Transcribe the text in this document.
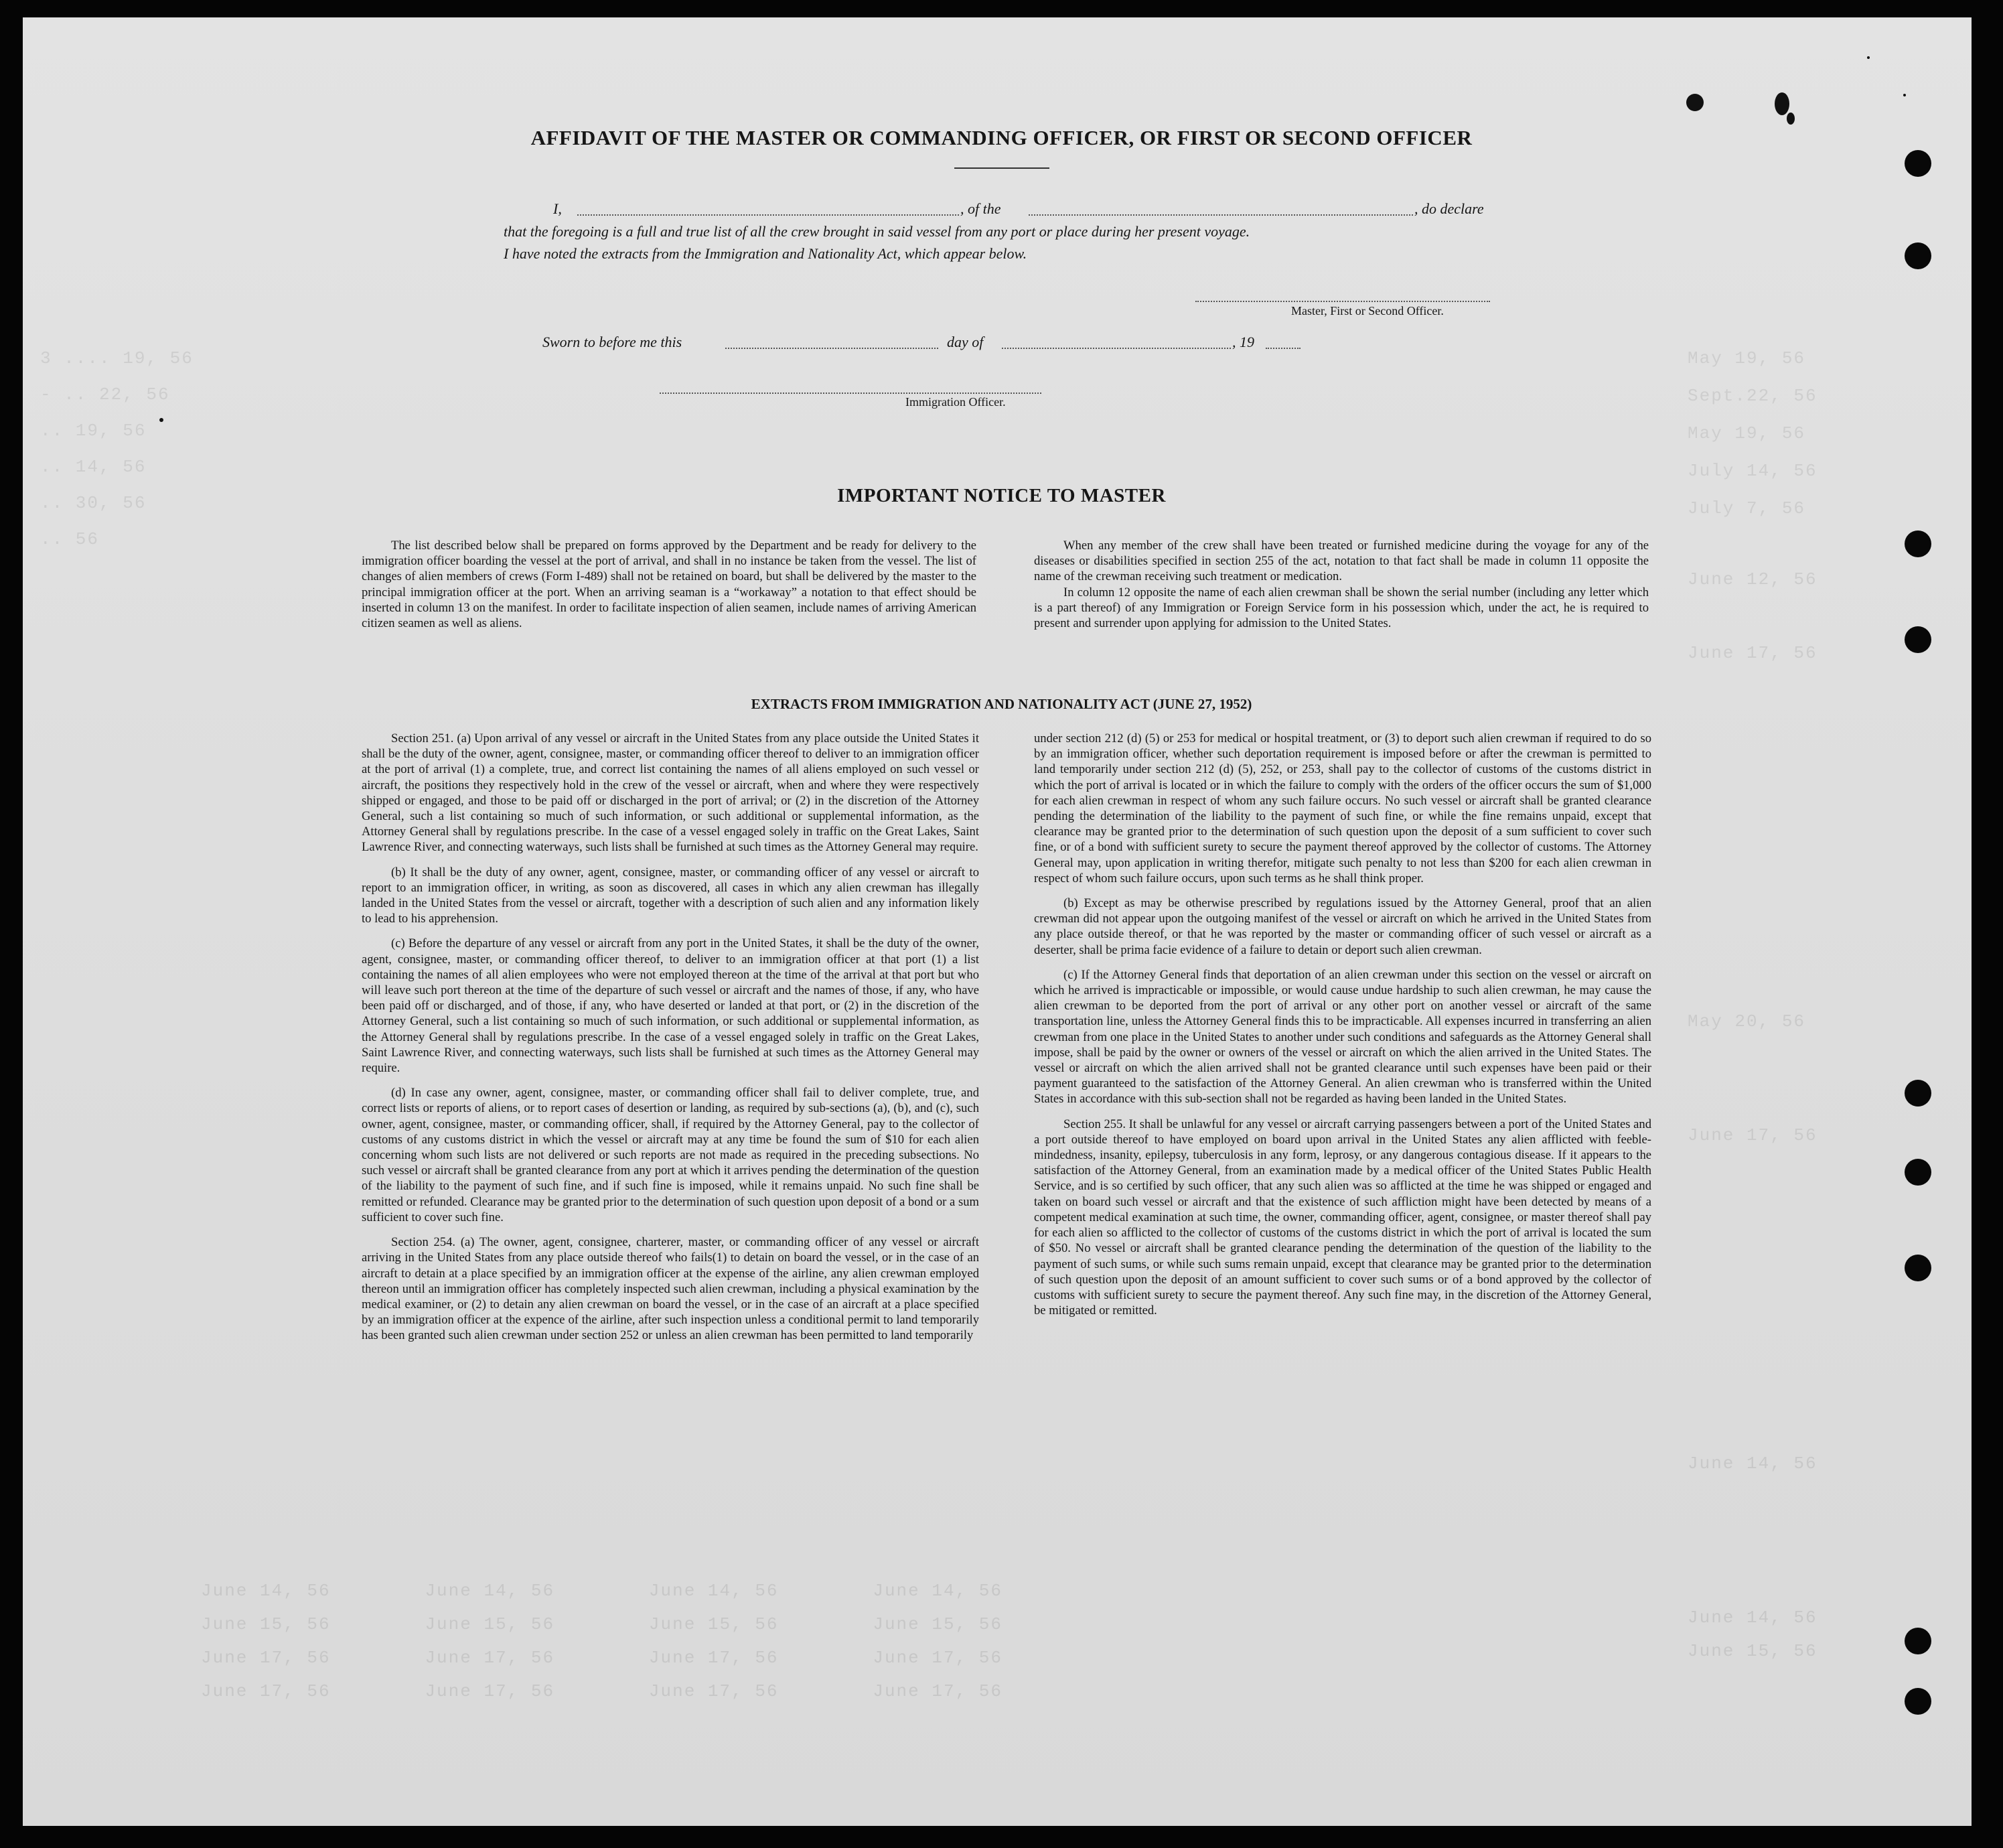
3 .... 19, 56

- .. 22, 56

.. 19, 56

.. 14, 56

.. 30, 56

.. 56

May 19, 56

Sept.22, 56

May 19, 56

July 14, 56

July 7, 56

June 12, 56

June 17, 56

May 20, 56

June 17, 56

June 14, 56

June 14, 56

June 15, 56

June 14, 56        June 14, 56        June 14, 56        June 14, 56

June 15, 56        June 15, 56        June 15, 56        June 15, 56

June 17, 56        June 17, 56        June 17, 56        June 17, 56

June 17, 56        June 17, 56        June 17, 56        June 17, 56

AFFIDAVIT OF THE MASTER OR COMMANDING OFFICER, OR FIRST OR SECOND OFFICER
I,	, of the	, do declare
that the foregoing is a full and true list of all the crew brought in said vessel from any port or place during her present voyage.
I have noted the extracts from the Immigration and Nationality Act, which appear below.
Master, First or Second Officer.
Sworn to before me this	day of	, 19
Immigration Officer.
IMPORTANT NOTICE TO MASTER

The list described below shall be prepared on forms approved by the Department and be ready for delivery to the immigration officer boarding the vessel at the port of arrival, and shall in no instance be taken from the vessel. The list of changes of alien members of crews (Form I-489) shall not be retained on board, but shall be delivered by the master to the principal immigration officer at the port. When an arriving seaman is a “workaway” a notation to that effect should be inserted in column 13 on the manifest. In order to facilitate inspection of alien seamen, include names of arriving American citizen seamen as well as aliens.

When any member of the crew shall have been treated or furnished medicine during the voyage for any of the diseases or disabilities specified in section 255 of the act, notation to that fact shall be made in column 11 opposite the name of the crewman receiving such treatment or medication.

In column 12 opposite the name of each alien crewman shall be shown the serial number (including any letter which is a part thereof) of any Immigration or Foreign Service form in his possession which, under the act, he is required to present and surrender upon applying for admission to the United States.

EXTRACTS FROM IMMIGRATION AND NATIONALITY ACT (JUNE 27, 1952)

Section 251. (a) Upon arrival of any vessel or aircraft in the United States from any place outside the United States it shall be the duty of the owner, agent, consignee, master, or commanding officer thereof to deliver to an immigration officer at the port of arrival (1) a complete, true, and correct list containing the names of all aliens employed on such vessel or aircraft, the positions they respectively hold in the crew of the vessel or aircraft, when and where they were respectively shipped or engaged, and those to be paid off or discharged in the port of arrival; or (2) in the discretion of the Attorney General, such a list containing so much of such information, or such additional or supplemental information, as the Attorney General shall by regulations prescribe. In the case of a vessel engaged solely in traffic on the Great Lakes, Saint Lawrence River, and connecting waterways, such lists shall be furnished at such times as the Attorney General may require.

(b) It shall be the duty of any owner, agent, consignee, master, or commanding officer of any vessel or aircraft to report to an immigration officer, in writing, as soon as discovered, all cases in which any alien crewman has illegally landed in the United States from the vessel or aircraft, together with a description of such alien and any information likely to lead to his apprehension.

(c) Before the departure of any vessel or aircraft from any port in the United States, it shall be the duty of the owner, agent, consignee, master, or commanding officer thereof, to deliver to an immigration officer at that port (1) a list containing the names of all alien employees who were not employed thereon at the time of the arrival at that port but who will leave such port thereon at the time of the departure of such vessel or aircraft and the names of those, if any, who have been paid off or discharged, and of those, if any, who have deserted or landed at that port, or (2) in the discretion of the Attorney General, such a list containing so much of such information, or such additional or supplemental information, as the Attorney General shall by regulations prescribe. In the case of a vessel engaged solely in traffic on the Great Lakes, Saint Lawrence River, and connecting waterways, such lists shall be furnished at such times as the Attorney General may require.

(d) In case any owner, agent, consignee, master, or commanding officer shall fail to deliver complete, true, and correct lists or reports of aliens, or to report cases of desertion or landing, as required by sub-sections (a), (b), and (c), such owner, agent, consignee, master, or commanding officer, shall, if required by the Attorney General, pay to the collector of customs of any customs district in which the vessel or aircraft may at any time be found the sum of $10 for each alien concerning whom such lists are not delivered or such reports are not made as required in the preceding subsections. No such vessel or aircraft shall be granted clearance from any port at which it arrives pending the determination of the question of the liability to the payment of such fine, and if such fine is imposed, while it remains unpaid. No such fine shall be remitted or refunded. Clearance may be granted prior to the determination of such question upon deposit of a bond or a sum sufficient to cover such fine.

Section 254. (a) The owner, agent, consignee, charterer, master, or commanding officer of any vessel or aircraft arriving in the United States from any place outside thereof who fails(1) to detain on board the vessel, or in the case of an aircraft to detain at a place specified by an immigration officer at the expense of the airline, any alien crewman employed thereon until an immigration officer has completely inspected such alien crewman, including a physical examination by the medical examiner, or (2) to detain any alien crewman on board the vessel, or in the case of an aircraft at a place specified by an immigration officer at the expence of the airline, after such inspection unless a conditional permit to land temporarily has been granted such alien crewman under section 252 or unless an alien crewman has been permitted to land temporarily

under section 212 (d) (5) or 253 for medical or hospital treatment, or (3) to deport such alien crewman if required to do so by an immigration officer, whether such deportation requirement is imposed before or after the crewman is permitted to land temporarily under section 212 (d) (5), 252, or 253, shall pay to the collector of customs of the customs district in which the port of arrival is located or in which the failure to comply with the orders of the officer occurs the sum of $1,000 for each alien crewman in respect of whom any such failure occurs. No such vessel or aircraft shall be granted clearance pending the determination of the liability to the payment of such fine, or while the fine remains unpaid, except that clearance may be granted prior to the determination of such question upon the deposit of a sum sufficient to cover such fine, or of a bond with sufficient surety to secure the payment thereof approved by the collector of customs. The Attorney General may, upon application in writing therefor, mitigate such penalty to not less than $200 for each alien crewman in respect of whom such failure occurs, upon such terms as he shall think proper.

(b) Except as may be otherwise prescribed by regulations issued by the Attorney General, proof that an alien crewman did not appear upon the outgoing manifest of the vessel or aircraft on which he arrived in the United States from any place outside thereof, or that he was reported by the master or commanding officer of such vessel or aircraft as a deserter, shall be prima facie evidence of a failure to detain or deport such alien crewman.

(c) If the Attorney General finds that deportation of an alien crewman under this section on the vessel or aircraft on which he arrived is impracticable or impossible, or would cause undue hardship to such alien crewman, he may cause the alien crewman to be deported from the port of arrival or any other port on another vessel or aircraft of the same transportation line, unless the Attorney General finds this to be impracticable. All expenses incurred in transferring an alien crewman from one place in the United States to another under such conditions and safeguards as the Attorney General shall impose, shall be paid by the owner or owners of the vessel or aircraft on which the alien arrived in the United States. The vessel or aircraft on which the alien arrived shall not be granted clearance until such expenses have been paid or their payment guaranteed to the satisfaction of the Attorney General. An alien crewman who is transferred within the United States in accordance with this sub-section shall not be regarded as having been landed in the United States.

Section 255. It shall be unlawful for any vessel or aircraft carrying passengers between a port of the United States and a port outside thereof to have employed on board upon arrival in the United States any alien afflicted with feeble-mindedness, insanity, epilepsy, tuberculosis in any form, leprosy, or any dangerous contagious disease. If it appears to the satisfaction of the Attorney General, from an examination made by a medical officer of the United States Public Health Service, and is so certified by such officer, that any such alien was so afflicted at the time he was shipped or engaged and taken on board such vessel or aircraft and that the existence of such affliction might have been detected by means of a competent medical examination at such time, the owner, commanding officer, agent, consignee, or master thereof shall pay for each alien so afflicted to the collector of customs of the customs district in which the port of arrival is located the sum of $50. No vessel or aircraft shall be granted clearance pending the determination of the question of the liability to the payment of such sums, or while such sums remain unpaid, except that clearance may be granted prior to the determination of such question upon the deposit of an amount sufficient to cover such sums or of a bond approved by the collector of customs with sufficient surety to secure the payment thereof. Any such fine may, in the discretion of the Attorney General, be mitigated or remitted.
